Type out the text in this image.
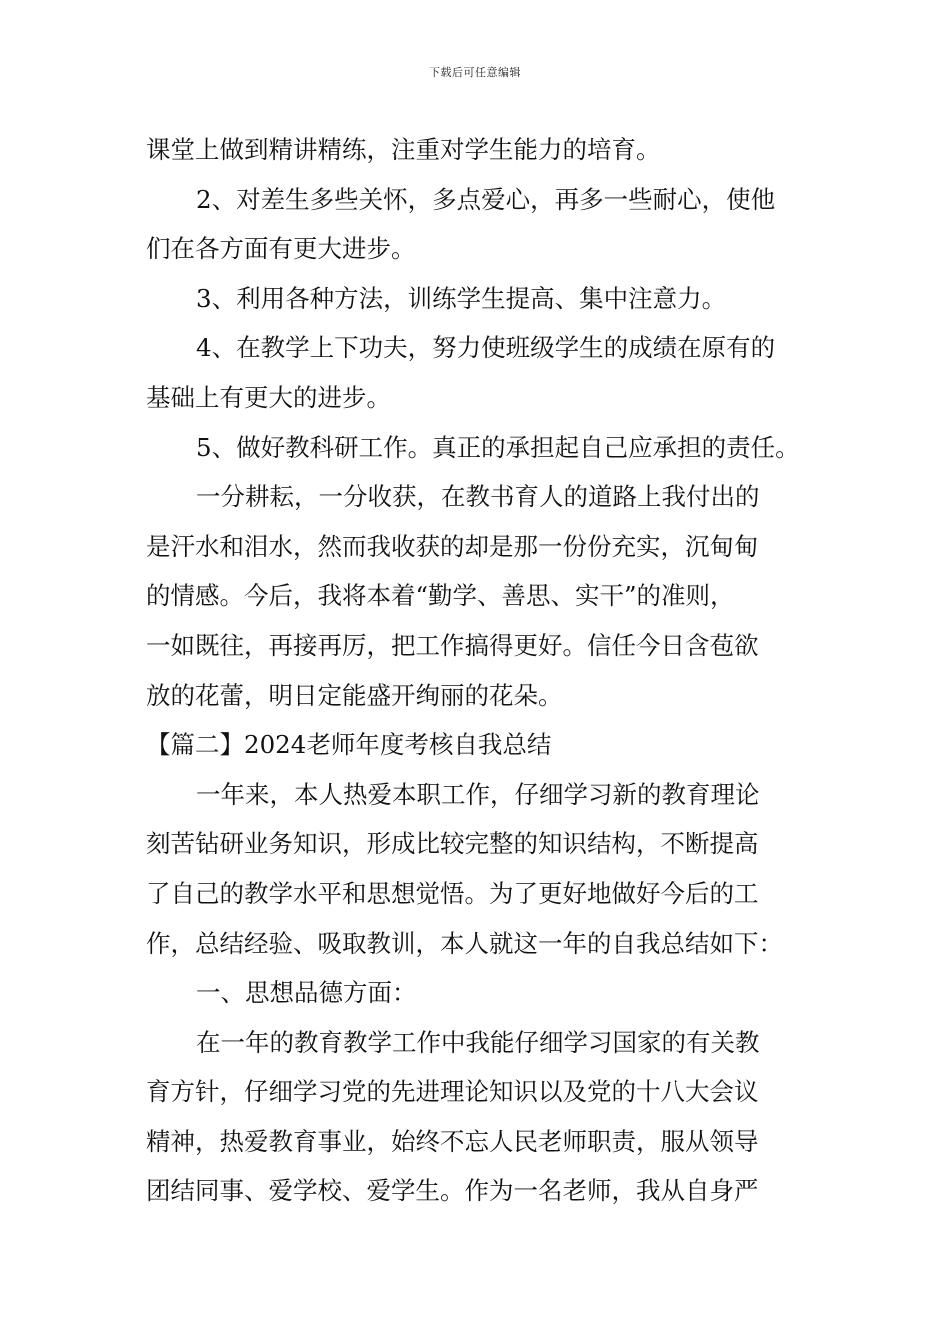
下载后可任意编辑
课堂上做到精讲精练，注重对学生能力的培育。
2、对差生多些关怀，多点爱心，再多一些耐心，使他
们在各方面有更大进步。
3、利用各种方法，训练学生提高、集中注意力。
4、在教学上下功夫，努力使班级学生的成绩在原有的
基础上有更大的进步。
5、做好教科研工作。真正的承担起自己应承担的责任。
一分耕耘，一分收获，在教书育人的道路上我付出的
是汗水和泪水，然而我收获的却是那一份份充实，沉甸甸
的情感。今后，我将本着“勤学、善思、实干”的准则，
一如既往，再接再厉，把工作搞得更好。信任今日含苞欲
放的花蕾，明日定能盛开绚丽的花朵。
【篇二】2024老师年度考核自我总结
一年来，本人热爱本职工作，仔细学习新的教育理论
刻苦钻研业务知识，形成比较完整的知识结构，不断提高
了自己的教学水平和思想觉悟。为了更好地做好今后的工
作，总结经验、吸取教训，本人就这一年的自我总结如下：
一、思想品德方面：
在一年的教育教学工作中我能仔细学习国家的有关教
育方针，仔细学习党的先进理论知识以及党的十八大会议
精神，热爱教育事业，始终不忘人民老师职责，服从领导
团结同事、爱学校、爱学生。作为一名老师，我从自身严
